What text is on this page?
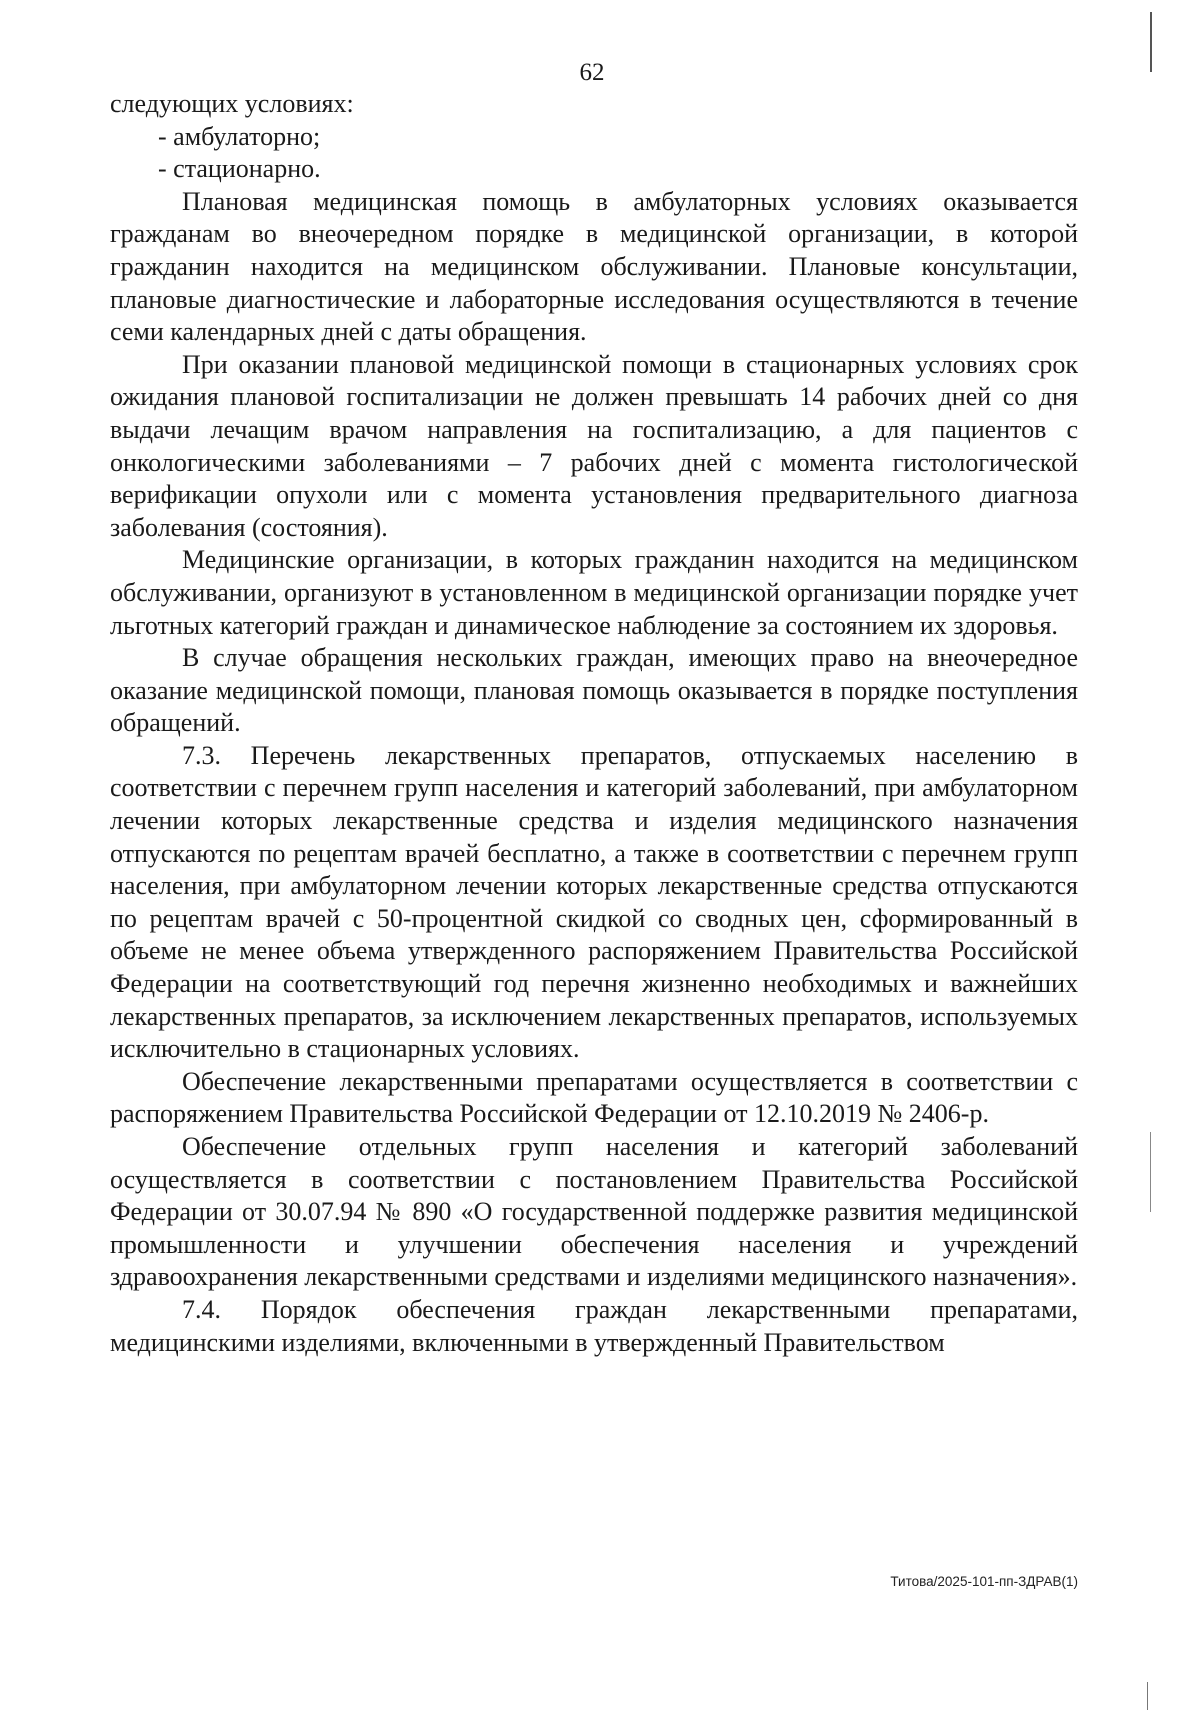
62

следующих условиях:

- амбулаторно;

- стационарно.

Плановая медицинская помощь в амбулаторных условиях оказывается гражданам во внеочередном порядке в медицинской организации, в которой гражданин находится на медицинском обслуживании. Плановые консультации, плановые диагностические и лабораторные исследования осуществляются в течение семи календарных дней с даты обращения.

При оказании плановой медицинской помощи в стационарных условиях срок ожидания плановой госпитализации не должен превышать 14 рабочих дней со дня выдачи лечащим врачом направления на госпитализацию, а для пациентов с онкологическими заболеваниями – 7 рабочих дней с момента гистологической верификации опухоли или с момента установления предварительного диагноза заболевания (состояния).

Медицинские организации, в которых гражданин находится на медицинском обслуживании, организуют в установленном в медицинской организации порядке учет льготных категорий граждан и динамическое наблюдение за состоянием их здоровья.

В случае обращения нескольких граждан, имеющих право на внеочередное оказание медицинской помощи, плановая помощь оказывается в порядке поступления обращений.

7.3. Перечень лекарственных препаратов, отпускаемых населению в соответствии с перечнем групп населения и категорий заболеваний, при амбулаторном лечении которых лекарственные средства и изделия медицинского назначения отпускаются по рецептам врачей бесплатно, а также в соответствии с перечнем групп населения, при амбулаторном лечении которых лекарственные средства отпускаются по рецептам врачей с 50-процентной скидкой со сводных цен, сформированный в объеме не менее объема утвержденного распоряжением Правительства Российской Федерации на соответствующий год перечня жизненно необходимых и важнейших лекарственных препаратов, за исключением лекарственных препаратов, используемых исключительно в стационарных условиях.

Обеспечение лекарственными препаратами осуществляется в соответствии с распоряжением Правительства Российской Федерации от 12.10.2019 № 2406-р.

Обеспечение отдельных групп населения и категорий заболеваний осуществляется в соответствии с постановлением Правительства Российской Федерации от 30.07.94 № 890 «О государственной поддержке развития медицинской промышленности и улучшении обеспечения населения и учреждений здравоохранения лекарственными средствами и изделиями медицинского назначения».

7.4. Порядок обеспечения граждан лекарственными препаратами, медицинскими изделиями, включенными в утвержденный Правительством

Титова/2025-101-пп-ЗДРАВ(1)
